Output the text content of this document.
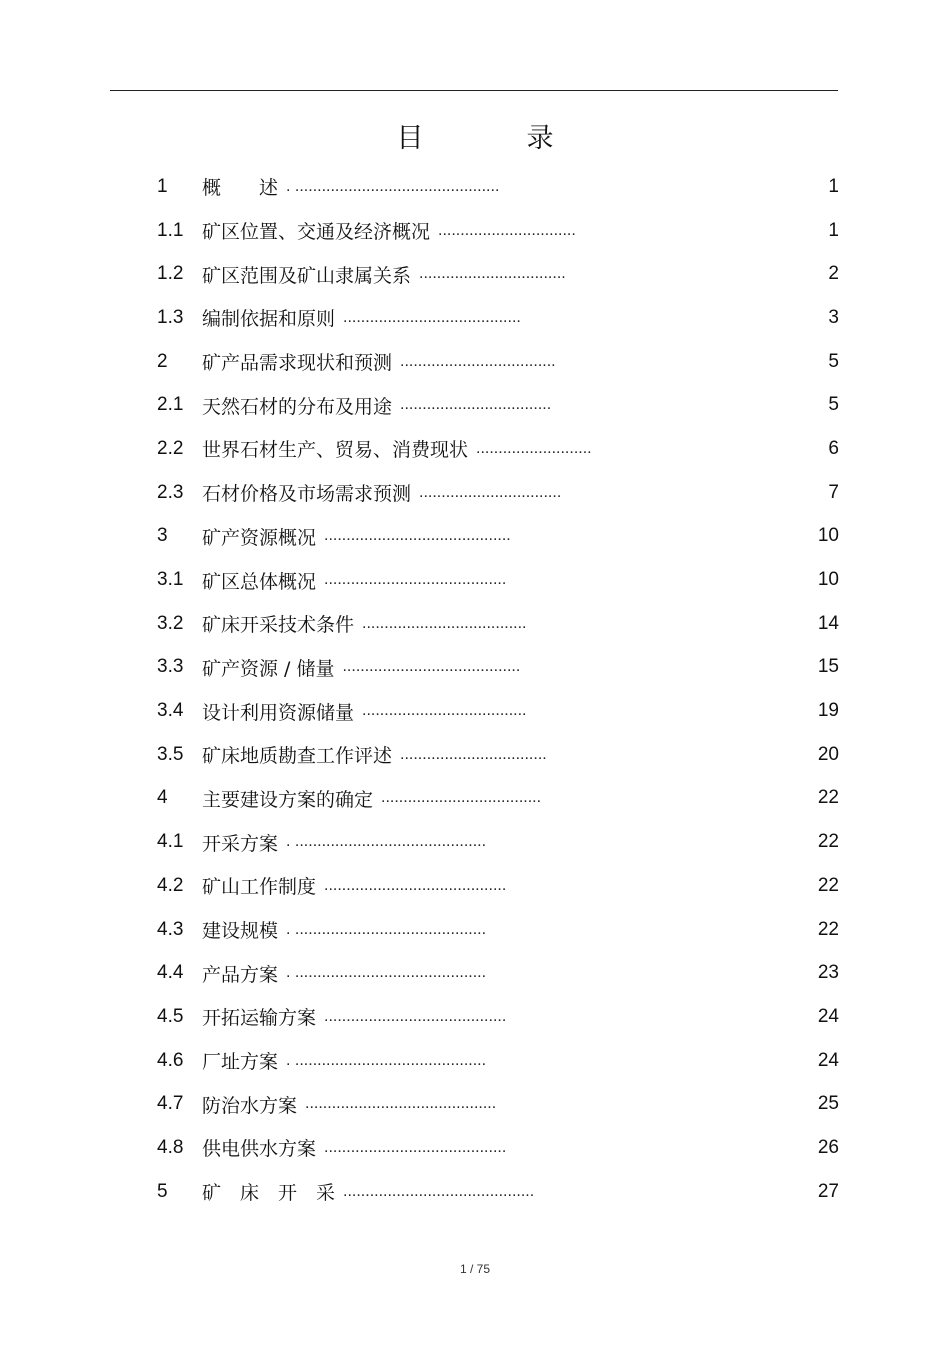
目　录
1	概　　述 . ..............................................	1
1.1 矿区位置、交通及经济概况 ...............................	1
1.2 矿区范围及矿山隶属关系 .................................	2
1.3 编制依据和原则 ........................................	3
2	矿产品需求现状和预测 ...................................	5
2.1 天然石材的分布及用途 ..................................	5
2.2 世界石材生产、贸易、消费现状 ..........................	6
2.3 石材价格及市场需求预测 ................................	7
3	矿产资源概况 ..........................................	10
3.1 矿区总体概况 .........................................	10
3.2 矿床开采技术条件 .....................................	14
3.3 矿产资源 / 储量 ........................................	15
3.4 设计利用资源储量 .....................................	19
3.5 矿床地质勘查工作评述 .................................	20
4	主要建设方案的确定 ....................................	22
4.1 开采方案 . ...........................................	22
4.2 矿山工作制度 .........................................	22
4.3 建设规模 . ...........................................	22
4.4 产品方案 . ...........................................	23
4.5 开拓运输方案 .........................................	24
4.6 厂址方案 . ...........................................	24
4.7 防治水方案 ...........................................	25
4.8 供电供水方案 .........................................	26
5	矿　床　开　采 ...........................................	27
1 / 75
